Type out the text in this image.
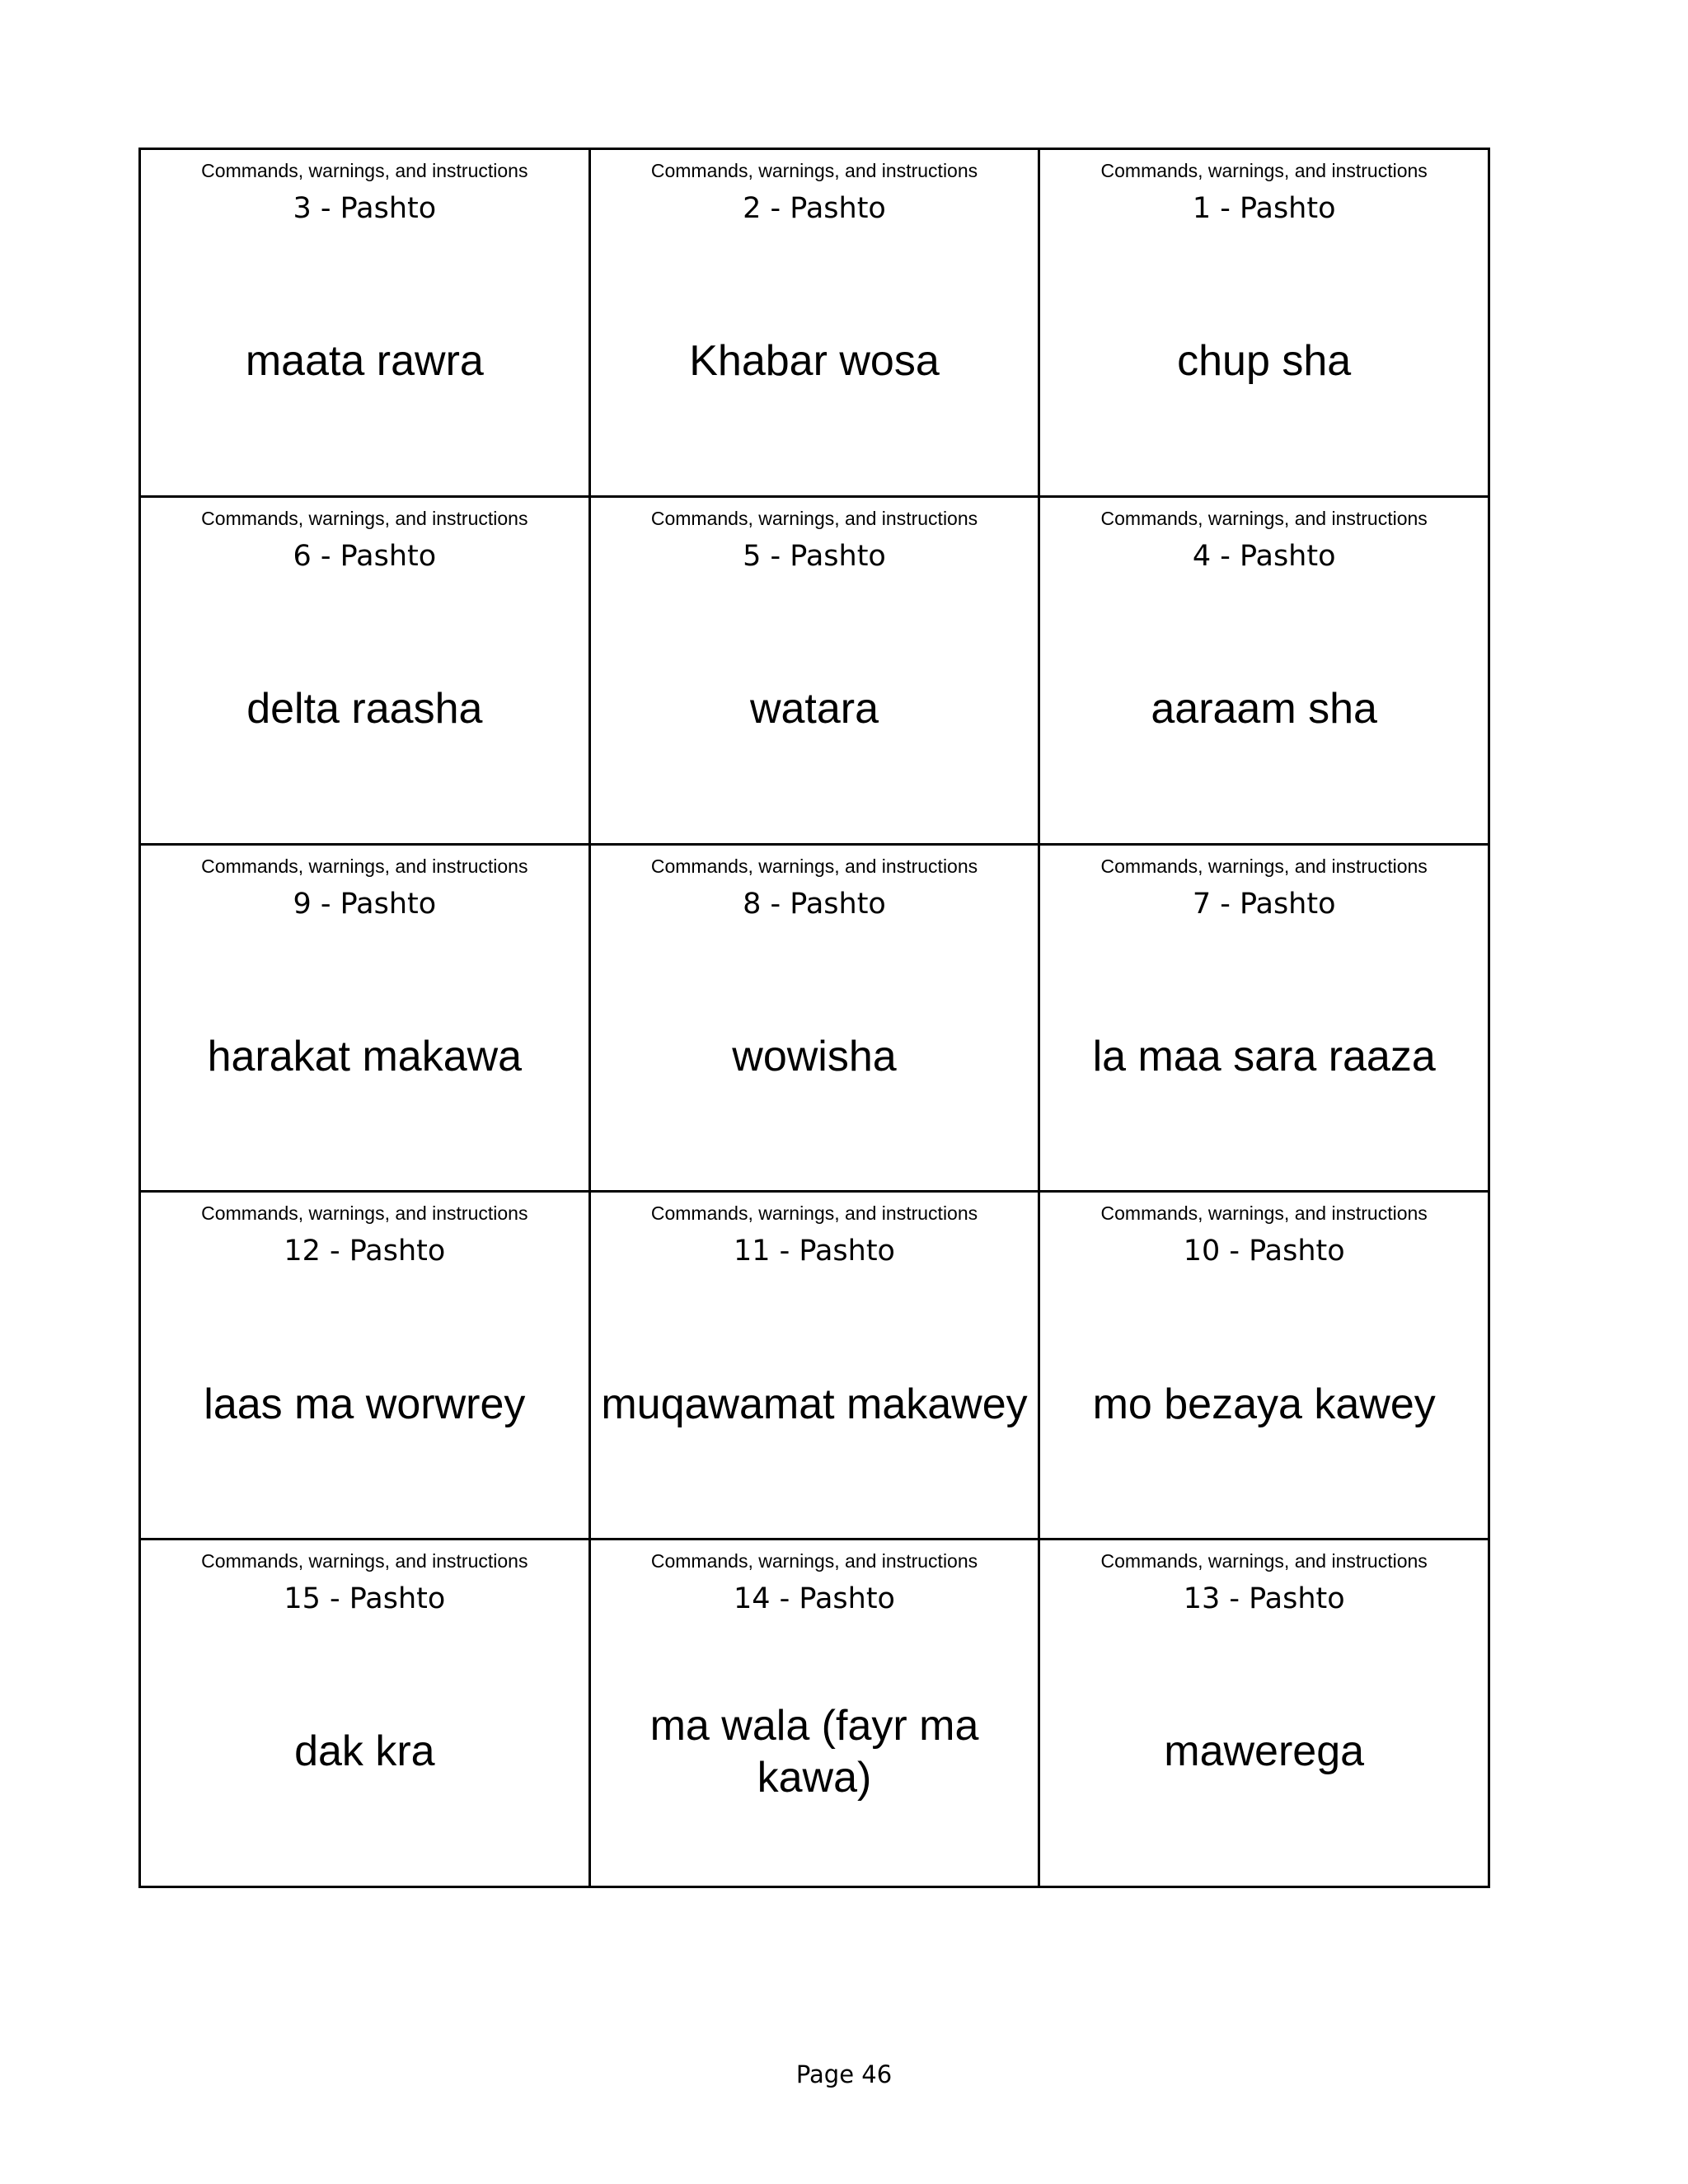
Commands, warnings, and instructions
3 - Pashto
maata rawra
Commands, warnings, and instructions
2 - Pashto
Khabar wosa
Commands, warnings, and instructions
1 - Pashto
chup sha
Commands, warnings, and instructions
6 - Pashto
delta raasha
Commands, warnings, and instructions
5 - Pashto
watara
Commands, warnings, and instructions
4 - Pashto
aaraam sha
Commands, warnings, and instructions
9 - Pashto
harakat makawa
Commands, warnings, and instructions
8 - Pashto
wowisha
Commands, warnings, and instructions
7 - Pashto
la maa sara raaza
Commands, warnings, and instructions
12 - Pashto
laas ma worwrey
Commands, warnings, and instructions
11 - Pashto
muqawamat makawey
Commands, warnings, and instructions
10 - Pashto
mo bezaya kawey
Commands, warnings, and instructions
15 - Pashto
dak kra
Commands, warnings, and instructions
14 - Pashto
ma wala (fayr ma kawa)
Commands, warnings, and instructions
13 - Pashto
mawerega
Page 46
